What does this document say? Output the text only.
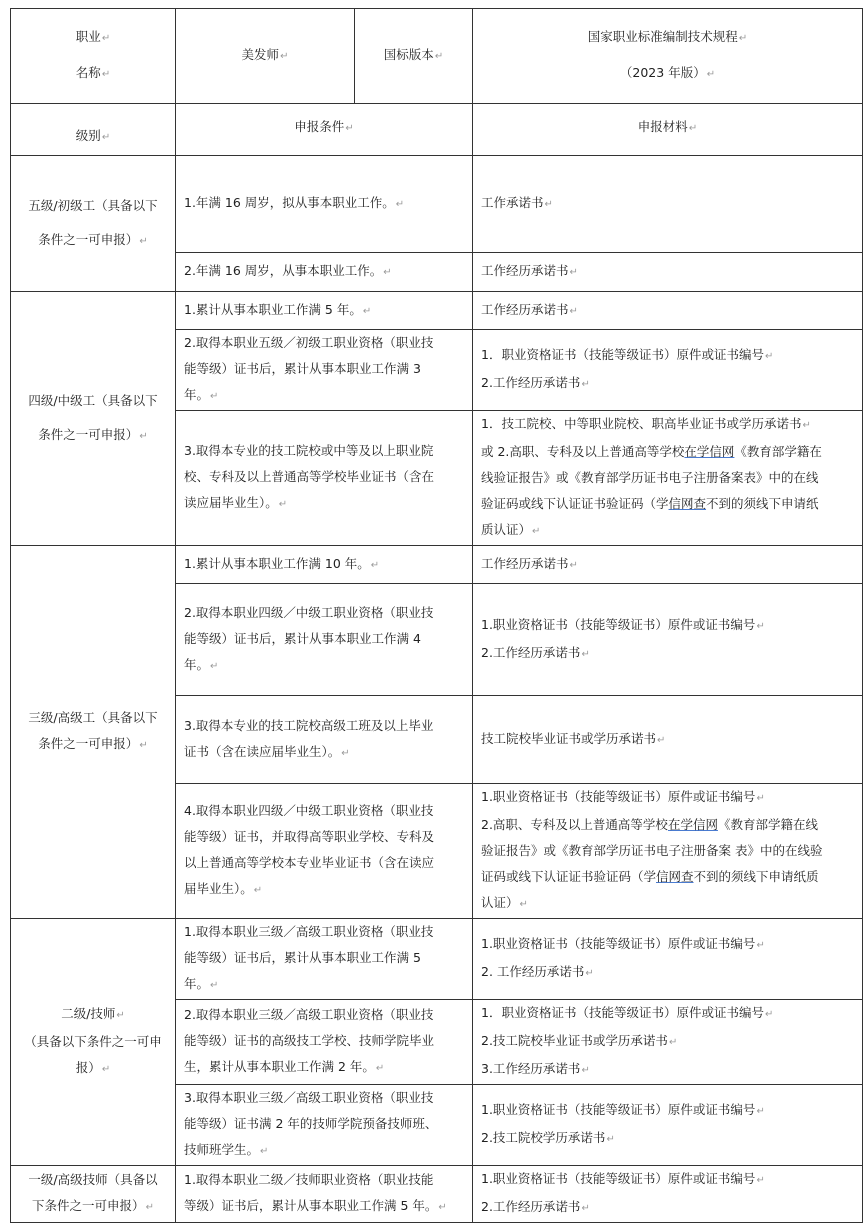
职业↵
名称↵	美发师↵	国标版本↵	国家职业标准编制技术规程↵
（2023 年版）↵

级别↵	申报条件↵		申报材料↵

五级/初级工（具备以下
条件之一可申报）↵	1.年满 16 周岁，拟从事本职业工作。↵		工作承诺书↵
	2.年满 16 周岁，从事本职业工作。↵		工作经历承诺书↵

四级/中级工（具备以下
条件之一可申报）↵	1.累计从事本职业工作满 5 年。↵		工作经历承诺书↵

	2.取得本职业五级／初级工职业资格（职业技
能等级）证书后，累计从事本职业工作满 3
年。↵		1．职业资格证书（技能等级证书）原件或证书编号↵
2.工作经历承诺书↵

	3.取得本专业的技工院校或中等及以上职业院
校、专科及以上普通高等学校毕业证书（含在
读应届毕业生）。↵		1．技工院校、中等职业院校、职高毕业证书或学历承诺书↵
或 2.高职、专科及以上普通高等学校在学信网《教育部学籍在
线验证报告》或《教育部学历证书电子注册备案表》中的在线
验证码或线下认证证书验证码（学信网查不到的须线下申请纸
质认证）↵

三级/高级工（具备以下
条件之一可申报）↵	1.累计从事本职业工作满 10 年。↵		工作经历承诺书↵

	2.取得本职业四级／中级工职业资格（职业技
能等级）证书后，累计从事本职业工作满 4
年。↵		1.职业资格证书（技能等级证书）原件或证书编号↵
2.工作经历承诺书↵

	3.取得本专业的技工院校高级工班及以上毕业
证书（含在读应届毕业生）。↵		技工院校毕业证书或学历承诺书↵

	4.取得本职业四级／中级工职业资格（职业技
能等级）证书，并取得高等职业学校、专科及
以上普通高等学校本专业毕业证书（含在读应
届毕业生）。↵		1.职业资格证书（技能等级证书）原件或证书编号↵
2.高职、专科及以上普通高等学校在学信网《教育部学籍在线
验证报告》或《教育部学历证书电子注册备案 表》中的在线验
证码或线下认证证书验证码（学信网查不到的须线下申请纸质
认证）↵

二级/技师↵
（具备以下条件之一可申
报）↵	1.取得本职业三级／高级工职业资格（职业技
能等级）证书后，累计从事本职业工作满 5
年。↵		1.职业资格证书（技能等级证书）原件或证书编号↵
2. 工作经历承诺书↵

	2.取得本职业三级／高级工职业资格（职业技
能等级）证书的高级技工学校、技师学院毕业
生，累计从事本职业工作满 2 年。↵		1．职业资格证书（技能等级证书）原件或证书编号↵
2.技工院校毕业证书或学历承诺书↵
3.工作经历承诺书↵

	3.取得本职业三级／高级工职业资格（职业技
能等级）证书满 2 年的技师学院预备技师班、
技师班学生。↵		1.职业资格证书（技能等级证书）原件或证书编号↵
2.技工院校学历承诺书↵

一级/高级技师（具备以
下条件之一可申报）↵	1.取得本职业二级／技师职业资格（职业技能
等级）证书后，累计从事本职业工作满 5 年。↵		1.职业资格证书（技能等级证书）原件或证书编号↵
2.工作经历承诺书↵
